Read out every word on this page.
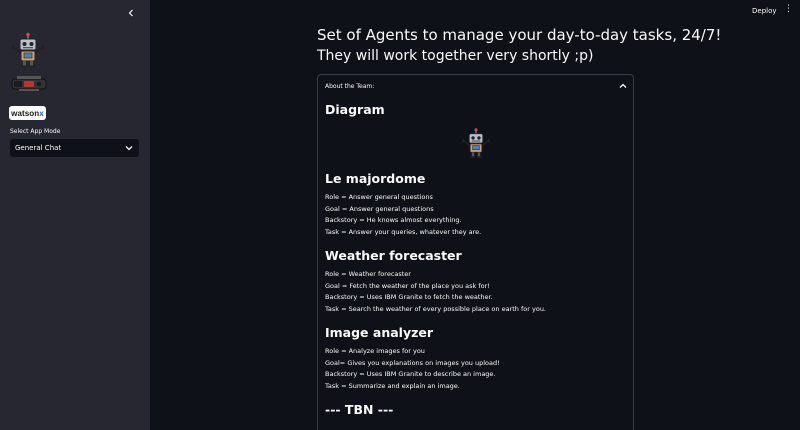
watson x
Select App Mode
General Chat
Deploy ⋮
Set of Agents to manage your day-to-day tasks, 24/7!
They will work together very shortly ;p)
About the Team:
Diagram
Le majordome

Role = Answer general questions

Goal = Answer general questions

Backstory = He knows almost everything.

Task = Answer your queries, whatever they are.

Weather forecaster

Role = Weather forecaster

Goal = Fetch the weather of the place you ask for!

Backstory = Uses IBM Granite to fetch the weather.

Task = Search the weather of every possible place on earth for you.

Image analyzer

Role = Analyze images for you

Goal= Gives you explanations on images you upload!

Backstory = Uses IBM Granite to describe an image.

Task = Summarize and explain an image.

--- TBN ---
